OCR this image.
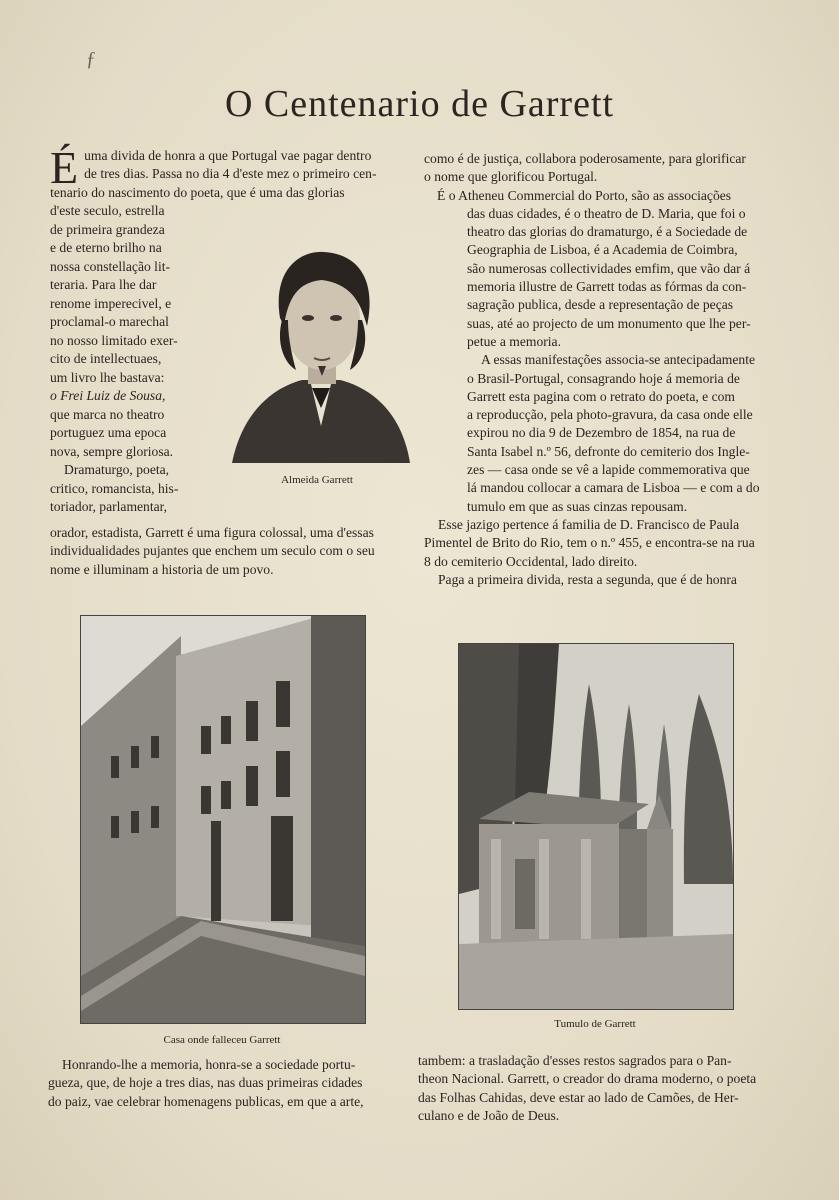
ƒ
O Centenario de Garrett
É uma divida de honra a que Portugal vae pagar dentro

de tres dias. Passa no dia 4 d'este mez o primeiro cen-

tenario do nascimento do poeta, que é uma das glorias

d'este seculo, estrella

de primeira grandeza

e de eterno brilho na

nossa constellação lit-

teraria. Para lhe dar

renome imperecivel, e

proclamal-o marechal

no nosso limitado exer-

cito de intellectuaes,

um livro lhe bastava:

o Frei Luiz de Sousa,

que marca no theatro

portuguez uma epoca

nova, sempre gloriosa.

Dramaturgo, poeta,

critico, romancista, his-

toriador, parlamentar,

orador, estadista, Garrett é uma figura colossal, uma d'essas

individualidades pujantes que enchem um seculo com o seu

nome e illuminam a historia de um povo.

Almeida Garrett

como é de justiça, collabora poderosamente, para glorificar

o nome que glorificou Portugal.

É o Atheneu Commercial do Porto, são as associações

das duas cidades, é o theatro de D. Maria, que foi o

theatro das glorias do dramaturgo, é a Sociedade de

Geographia de Lisboa, é a Academia de Coimbra,

são numerosas collectividades emfim, que vão dar á

memoria illustre de Garrett todas as fórmas da con-

sagração publica, desde a representação de peças

suas, até ao projecto de um monumento que lhe per-

petue a memoria.

A essas manifestações associa-se antecipadamente

o Brasil-Portugal, consagrando hoje á memoria de

Garrett esta pagina com o retrato do poeta, e com

a reproducção, pela photo-gravura, da casa onde elle

expirou no dia 9 de Dezembro de 1854, na rua de

Santa Isabel n.º 56, defronte do cemiterio dos Ingle-

zes — casa onde se vê a lapide commemorativa que

lá mandou collocar a camara de Lisboa — e com a do

tumulo em que as suas cinzas repousam.

Esse jazigo pertence á familia de D. Francisco de Paula

Pimentel de Brito do Rio, tem o n.º 455, e encontra-se na rua

8 do cemiterio Occidental, lado direito.

Paga a primeira divida, resta a segunda, que é de honra

Casa onde falleceu Garrett
Tumulo de Garrett

Honrando-lhe a memoria, honra-se a sociedade portu-

gueza, que, de hoje a tres dias, nas duas primeiras cidades

do paiz, vae celebrar homenagens publicas, em que a arte,

tambem: a trasladação d'esses restos sagrados para o Pan-

theon Nacional. Garrett, o creador do drama moderno, o poeta

das Folhas Cahidas, deve estar ao lado de Camões, de Her-

culano e de João de Deus.
